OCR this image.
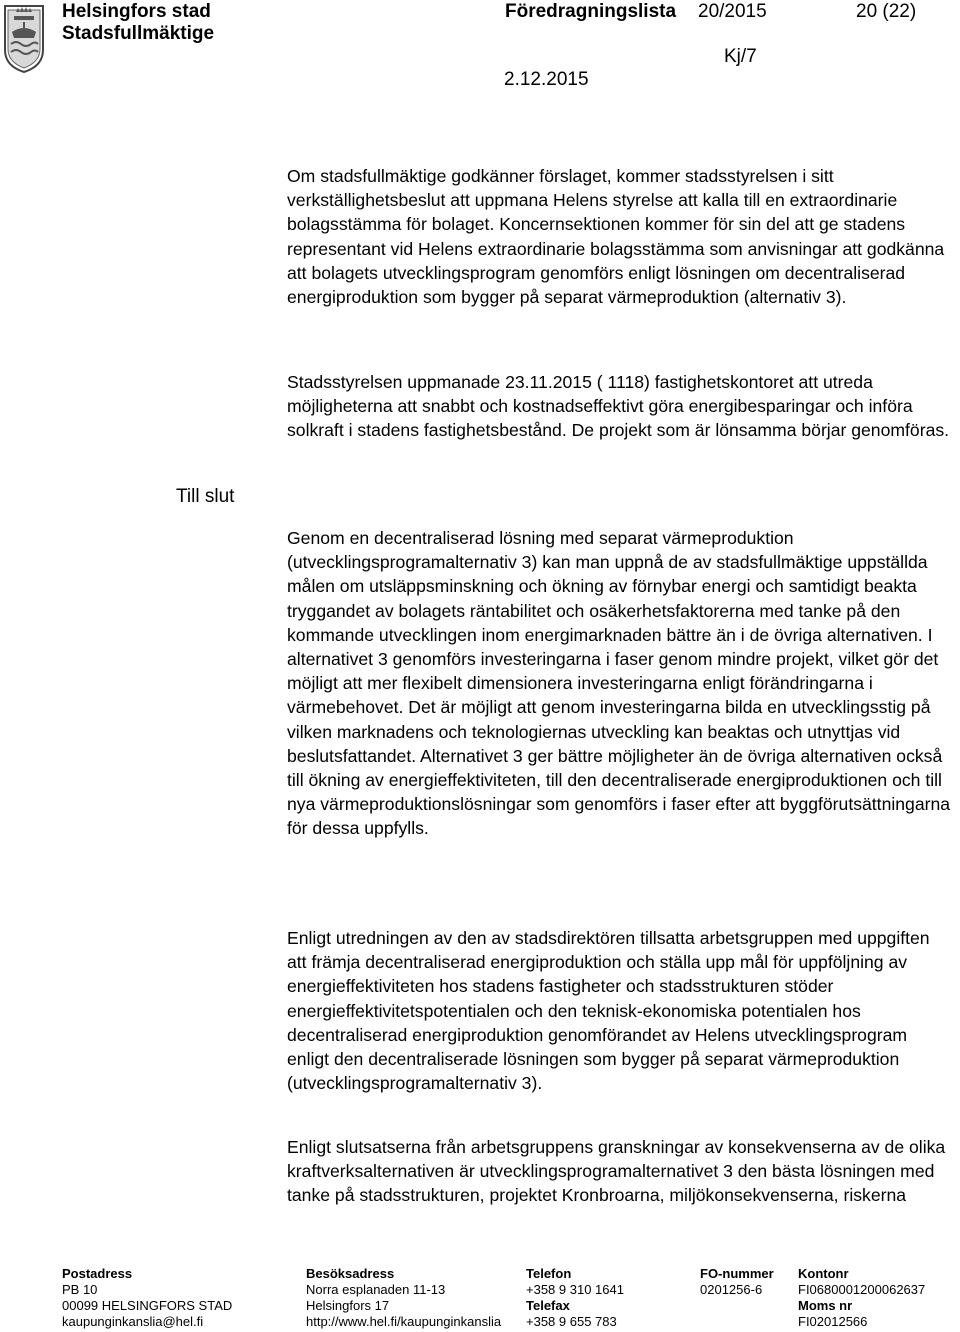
Helsingfors stad
Stadsfullmäktige
Föredragningslista 20/2015	20 (22)
Kj/7
2.12.2015
Till slut

Om stadsfullmäktige godkänner förslaget, kommer stadsstyrelsen i sitt verkställighetsbeslut att uppmana Helens styrelse att kalla till en extraordinarie bolagsstämma för bolaget. Koncernsektionen kommer för sin del att ge stadens representant vid Helens extraordinarie bolagsstämma som anvisningar att godkänna att bolagets utvecklingsprogram genomförs enligt lösningen om decentraliserad energiproduktion som bygger på separat värmeproduktion (alternativ 3).

Stadsstyrelsen uppmanade 23.11.2015 ( 1118) fastighetskontoret att utreda möjligheterna att snabbt och kostnadseffektivt göra energibesparingar och införa solkraft i stadens fastighetsbestånd. De projekt som är lönsamma börjar genomföras.

Genom en decentraliserad lösning med separat värmeproduktion (utvecklingsprogramalternativ 3) kan man uppnå de av stadsfullmäktige uppställda målen om utsläppsminskning och ökning av förnybar energi och samtidigt beakta tryggandet av bolagets räntabilitet och osäkerhetsfaktorerna med tanke på den kommande utvecklingen inom energimarknaden bättre än i de övriga alternativen. I alternativet 3 genomförs investeringarna i faser genom mindre projekt, vilket gör det möjligt att mer flexibelt dimensionera investeringarna enligt förändringarna i värmebehovet. Det är möjligt att genom investeringarna bilda en utvecklingsstig på vilken marknadens och teknologiernas utveckling kan beaktas och utnyttjas vid beslutsfattandet. Alternativet 3 ger bättre möjligheter än de övriga alternativen också till ökning av energieffektiviteten, till den decentraliserade energiproduktionen och till nya värmeproduktionslösningar som genomförs i faser efter att byggförutsättningarna för dessa uppfylls.

Enligt utredningen av den av stadsdirektören tillsatta arbetsgruppen med uppgiften att främja decentraliserad energiproduktion och ställa upp mål för uppföljning av energieffektiviteten hos stadens fastigheter och stadsstrukturen stöder energieffektivitetspotentialen och den teknisk-ekonomiska potentialen hos decentraliserad energiproduktion genomförandet av Helens utvecklingsprogram enligt den decentraliserade lösningen som bygger på separat värmeproduktion (utvecklingsprogramalternativ 3).

Enligt slutsatserna från arbetsgruppens granskningar av konsekvenserna av de olika kraftverksalternativen är utvecklingsprogramalternativet 3 den bästa lösningen med tanke på stadsstrukturen, projektet Kronbroarna, miljökonsekvenserna, riskerna

Postadress
PB 10
00099 HELSINGFORS STAD
kaupunginkanslia@hel.fi
Besöksadress
Norra esplanaden 11-13
Helsingfors 17
http://www.hel.fi/kaupunginkanslia
Telefon
+358 9 310 1641
Telefax
+358 9 655 783
FO-nummer
0201256-6
Kontonr
FI0680001200062637
Moms nr
FI02012566
